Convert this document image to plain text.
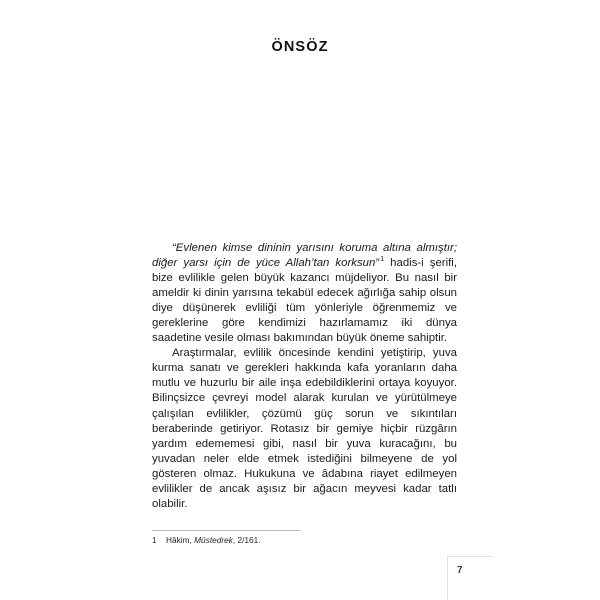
ÖNSÖZ

“Evlenen kimse dininin yarısını koruma altına almıştır; diğer yarsı için de yüce Allah’tan korksun”$^1$ hadis-i şerifi, bize evlilikle gelen büyük kazancı müjdeliyor. Bu nasıl bir ameldir ki dinin yarısına tekabül edecek ağırlığa sahip olsun diye düşünerek evliliği tüm yönleriyle öğrenmemiz ve gereklerine göre kendimizi hazırlamamız iki dünya saadetine vesile olması bakımından büyük öneme sahiptir.

Araştırmalar, evlilik öncesinde kendini yetiştirip, yuva kurma sanatı ve gerekleri hakkında kafa yoranların daha mutlu ve huzurlu bir aile inşa edebildiklerini ortaya koyuyor. Bilinçsizce çevreyi model alarak kurulan ve yürütülmeye çalışılan evlilikler, çözümü güç sorun ve sıkıntıları beraberinde getiriyor. Rotasız bir gemiye hiçbir rüzgârın yardım edememesi gibi, nasıl bir yuva kuracağını, bu yuvadan neler elde etmek istediğini bilmeyene de yol gösteren olmaz. Hukukuna ve âdabına riayet edilmeyen evlilikler de ancak aşısız bir ağacın meyvesi kadar tatlı olabilir.

1 Hâkim, Müstedrek, 2/161.
7
